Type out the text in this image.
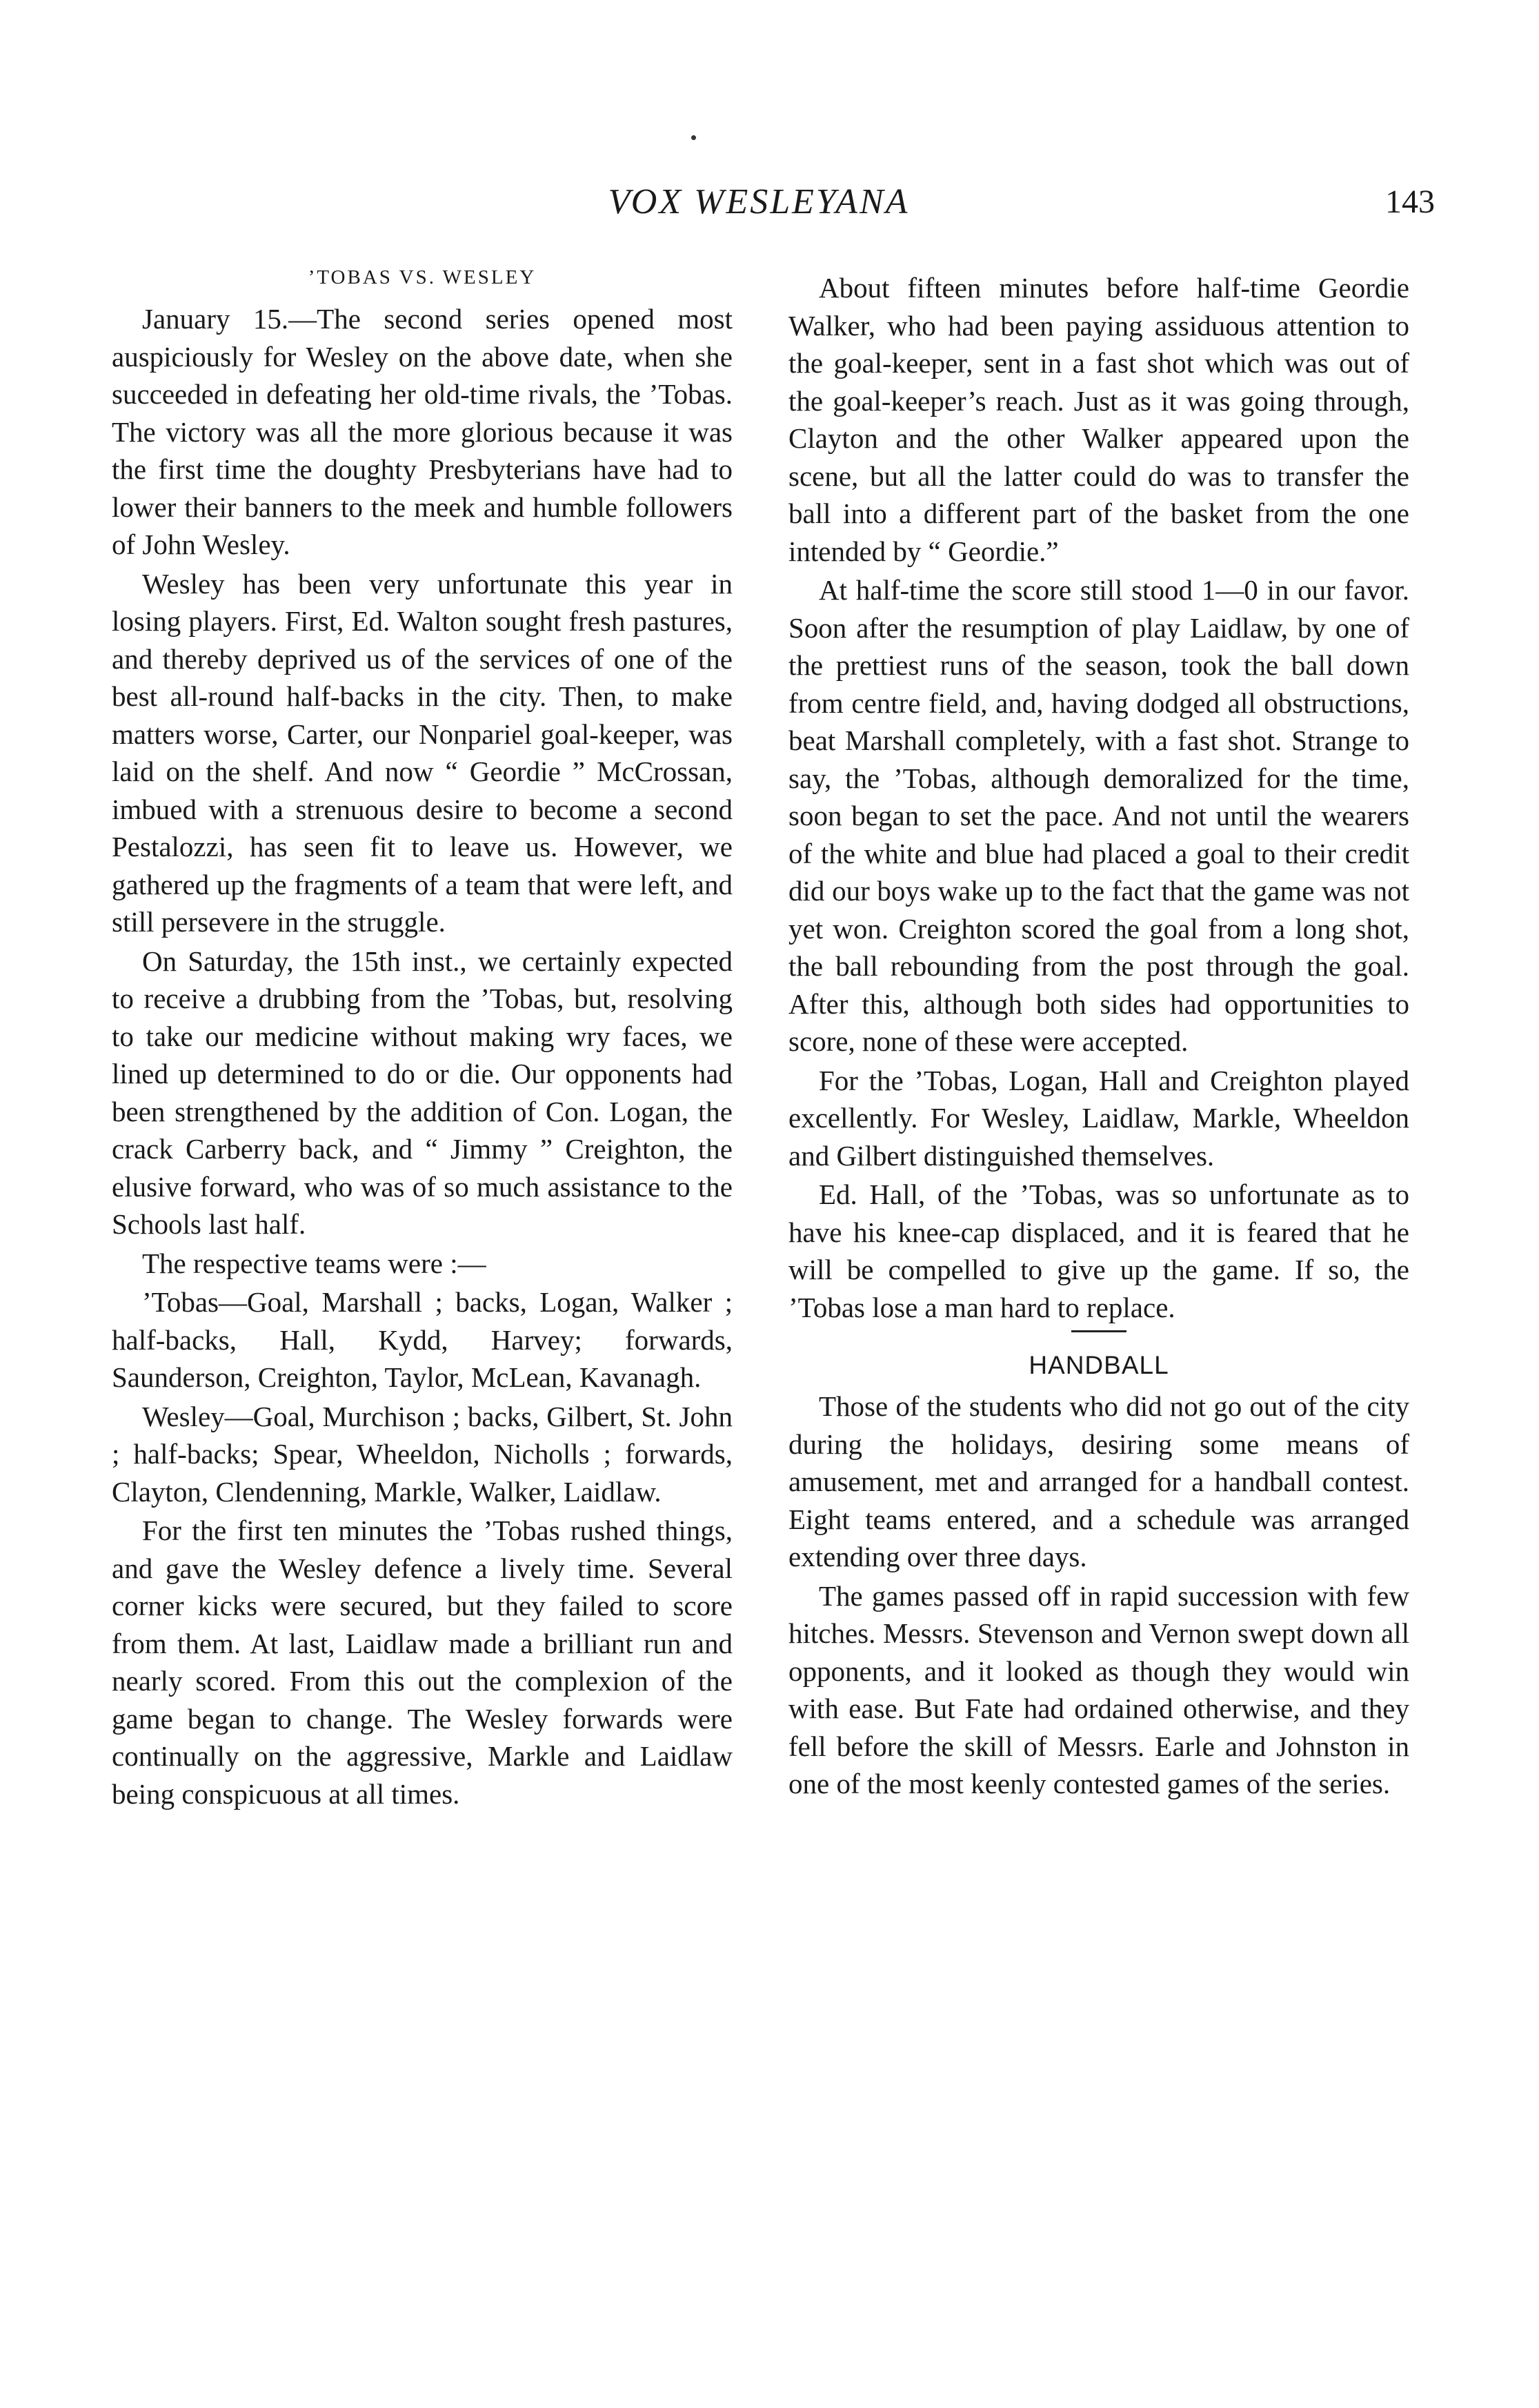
VOX WESLEYANA	143
’TOBAS VS. WESLEY

January 15.—The second series opened most auspiciously for Wesley on the above date, when she succeeded in defeating her old-time rivals, the ’Tobas. The victory was all the more glorious because it was the first time the doughty Presbyterians have had to lower their banners to the meek and humble followers of John Wesley.

Wesley has been very unfortunate this year in losing players. First, Ed. Walton sought fresh pastures, and thereby deprived us of the services of one of the best all-round half-backs in the city. Then, to make matters worse, Carter, our Nonpariel goal-keeper, was laid on the shelf. And now “ Geordie ” McCrossan, imbued with a strenuous desire to become a second Pestalozzi, has seen fit to leave us. However, we gathered up the fragments of a team that were left, and still persevere in the struggle.

On Saturday, the 15th inst., we certainly expected to receive a drubbing from the ’Tobas, but, resolving to take our medicine without making wry faces, we lined up determined to do or die. Our opponents had been strengthened by the addition of Con. Logan, the crack Carberry back, and “ Jimmy ” Creighton, the elusive forward, who was of so much assistance to the Schools last half.

The respective teams were :—

’Tobas—Goal, Marshall ; backs, Logan, Walker ; half-backs, Hall, Kydd, Harvey; forwards, Saunderson, Creighton, Taylor, McLean, Kavanagh.

Wesley—Goal, Murchison ; backs, Gilbert, St. John ; half-backs; Spear, Wheeldon, Nicholls ; forwards, Clayton, Clendenning, Markle, Walker, Laidlaw.

For the first ten minutes the ’Tobas rushed things, and gave the Wesley defence a lively time. Several corner kicks were secured, but they failed to score from them. At last, Laidlaw made a brilliant run and nearly scored. From this out the complexion of the game began to change. The Wesley forwards were continually on the aggressive, Markle and Laidlaw being conspicuous at all times.

About fifteen minutes before half-time Geordie Walker, who had been paying assiduous attention to the goal-keeper, sent in a fast shot which was out of the goal-keeper’s reach. Just as it was going through, Clayton and the other Walker appeared upon the scene, but all the latter could do was to transfer the ball into a different part of the basket from the one intended by “ Geordie.”

At half-time the score still stood 1—0 in our favor. Soon after the resumption of play Laidlaw, by one of the prettiest runs of the season, took the ball down from centre field, and, having dodged all obstructions, beat Marshall completely, with a fast shot. Strange to say, the ’Tobas, although demoralized for the time, soon began to set the pace. And not until the wearers of the white and blue had placed a goal to their credit did our boys wake up to the fact that the game was not yet won. Creighton scored the goal from a long shot, the ball rebounding from the post through the goal. After this, although both sides had opportunities to score, none of these were accepted.

For the ’Tobas, Logan, Hall and Creighton played excellently. For Wesley, Laidlaw, Markle, Wheeldon and Gilbert distinguished themselves.

Ed. Hall, of the ’Tobas, was so unfortunate as to have his knee-cap displaced, and it is feared that he will be compelled to give up the game. If so, the ’Tobas lose a man hard to replace.

HANDBALL

Those of the students who did not go out of the city during the holidays, desiring some means of amusement, met and arranged for a handball contest. Eight teams entered, and a schedule was arranged extending over three days.

The games passed off in rapid succession with few hitches. Messrs. Stevenson and Vernon swept down all opponents, and it looked as though they would win with ease. But Fate had ordained otherwise, and they fell before the skill of Messrs. Earle and Johnston in one of the most keenly contested games of the series.
